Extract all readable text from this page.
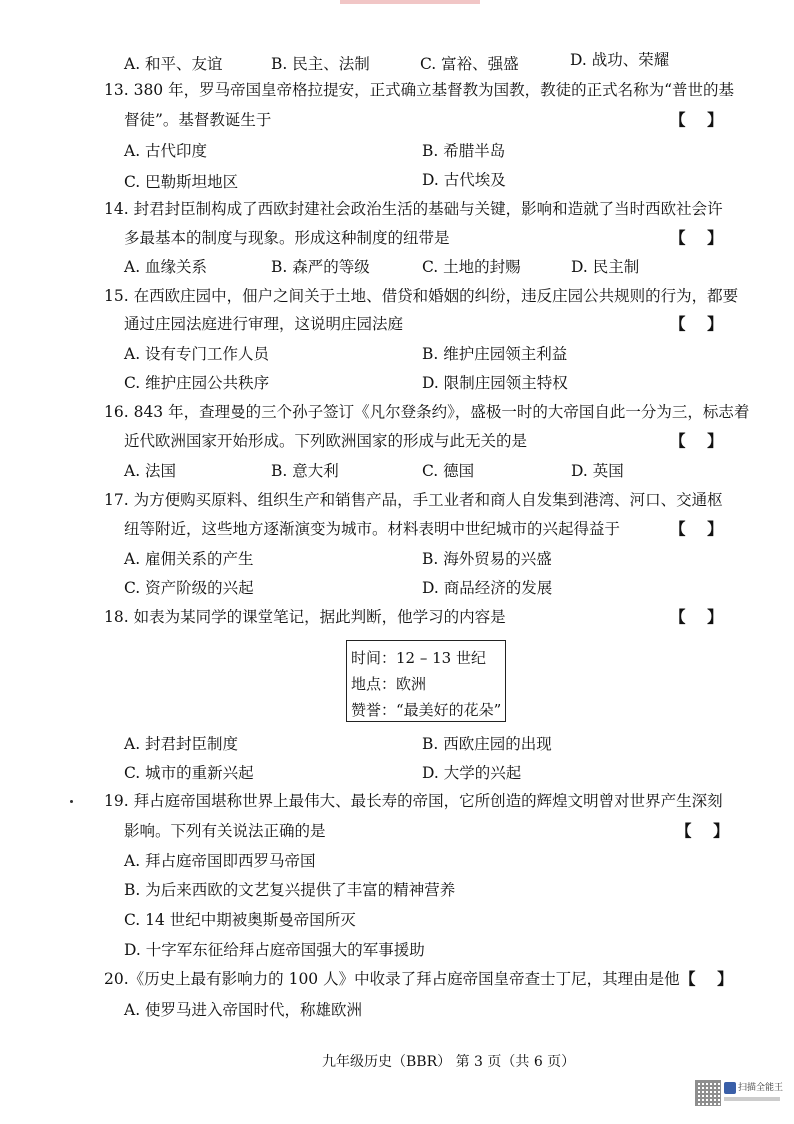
A. 和平、友谊	B. 民主、法制	C. 富裕、强盛	D. 战功、荣耀
13. 380 年，罗马帝国皇帝格拉提安，正式确立基督教为国教，教徒的正式名称为“普世的基
督徒”。基督教诞生于	【    】
A. 古代印度	B. 希腊半岛
C. 巴勒斯坦地区	D. 古代埃及
14. 封君封臣制构成了西欧封建社会政治生活的基础与关键，影响和造就了当时西欧社会许
多最基本的制度与现象。形成这种制度的纽带是	【    】
A. 血缘关系	B. 森严的等级	C. 土地的封赐	D. 民主制
15. 在西欧庄园中，佃户之间关于土地、借贷和婚姻的纠纷，违反庄园公共规则的行为，都要
通过庄园法庭进行审理，这说明庄园法庭	【    】
A. 设有专门工作人员	B. 维护庄园领主利益
C. 维护庄园公共秩序	D. 限制庄园领主特权
16. 843 年，查理曼的三个孙子签订《凡尔登条约》，盛极一时的大帝国自此一分为三，标志着
近代欧洲国家开始形成。下列欧洲国家的形成与此无关的是	【    】
A. 法国	B. 意大利	C. 德国	D. 英国
17. 为方便购买原料、组织生产和销售产品，手工业者和商人自发集到港湾、河口、交通枢
纽等附近，这些地方逐渐演变为城市。材料表明中世纪城市的兴起得益于	【    】
A. 雇佣关系的产生	B. 海外贸易的兴盛
C. 资产阶级的兴起	D. 商品经济的发展
18. 如表为某同学的课堂笔记，据此判断，他学习的内容是	【    】
时间：12 – 13 世纪
地点：欧洲
赞誉：“最美好的花朵”
A. 封君封臣制度	B. 西欧庄园的出现
C. 城市的重新兴起	D. 大学的兴起
19. 拜占庭帝国堪称世界上最伟大、最长寿的帝国，它所创造的辉煌文明曾对世界产生深刻
影响。下列有关说法正确的是	【    】
A. 拜占庭帝国即西罗马帝国
B. 为后来西欧的文艺复兴提供了丰富的精神营养
C. 14 世纪中期被奥斯曼帝国所灭
D. 十字军东征给拜占庭帝国强大的军事援助
20.《历史上最有影响力的 100 人》中收录了拜占庭帝国皇帝查士丁尼，其理由是他 【    】
A. 使罗马进入帝国时代，称雄欧洲
九年级历史（BBR） 第 3 页（共 6 页）
扫描全能王
